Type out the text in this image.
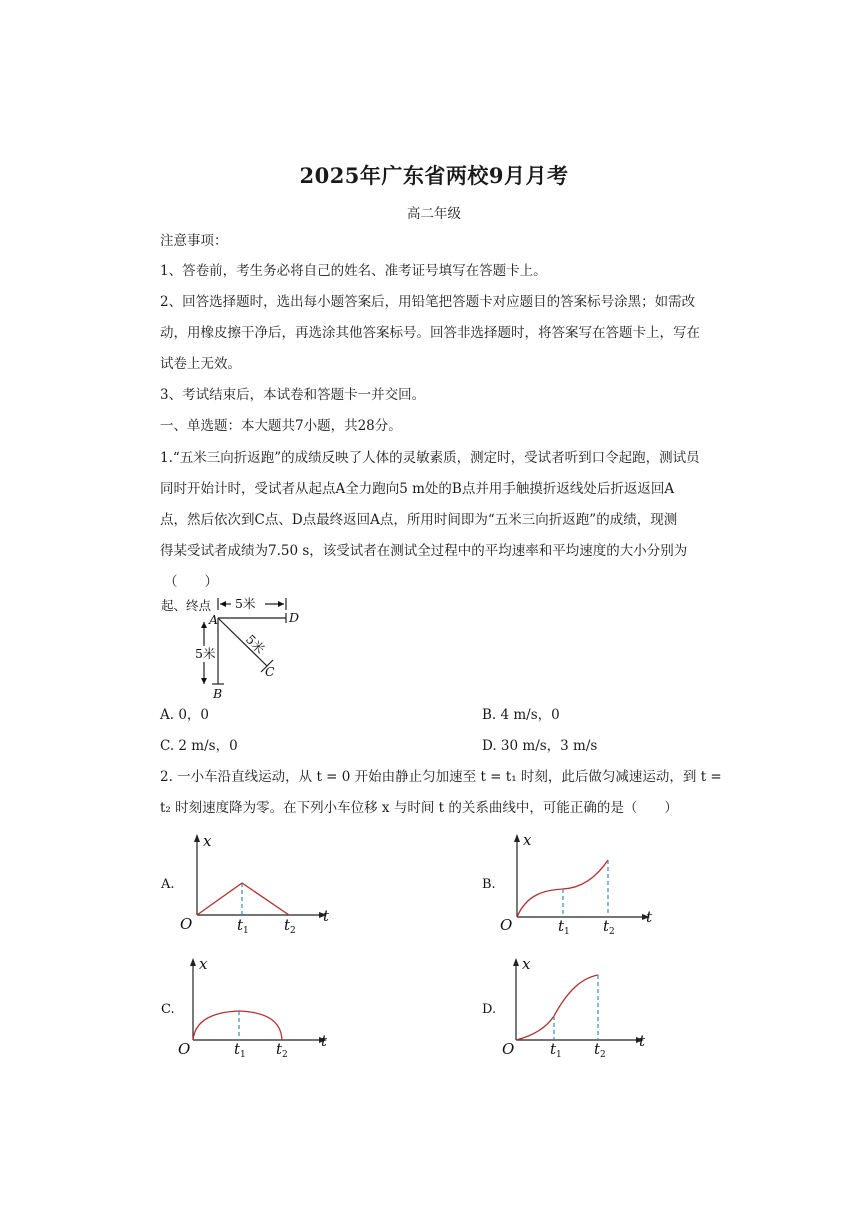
2025年广东省两校9月月考
高二年级
注意事项：
1、答卷前，考生务必将自己的姓名、准考证号填写在答题卡上。
2、回答选择题时，选出每小题答案后，用铅笔把答题卡对应题目的答案标号涂黑；如需改
动，用橡皮擦干净后，再选涂其他答案标号。回答非选择题时，将答案写在答题卡上，写在
试卷上无效。
3、考试结束后，本试卷和答题卡一并交回。
一、单选题：本大题共7小题，共28分。
1.“五米三向折返跑”的成绩反映了人体的灵敏素质，测定时，受试者听到口令起跑，测试员
同时开始计时，受试者从起点A全力跑向5 m处的B点并用手触摸折返线处后折返返回A
点，然后依次到C点、D点最终返回A点，所用时间即为“五米三向折返跑”的成绩，现测
得某受试者成绩为7.50 s，该受试者在测试全过程中的平均速率和平均速度的大小分别为
（　　）
起、终点 5米
A	D
B
5米 5米
C
A. 0，0	B. 4 m/s，0
C. 2 m/s，0	D. 30 m/s，3 m/s
2. 一小车沿直线运动，从 t = 0 开始由静止匀加速至 t = t₁ 时刻，此后做匀减速运动，到 t =
t₂ 时刻速度降为零。在下列小车位移 x 与时间 t 的关系曲线中，可能正确的是（　　）
A.
x
t
O	$t_1$ $t_2$
B.
x
t
O	$t_1$ $t_2$
C.
x
t
O	$t_1$ $t_2$
D.
x
t
O $t_1$ $t_2$
